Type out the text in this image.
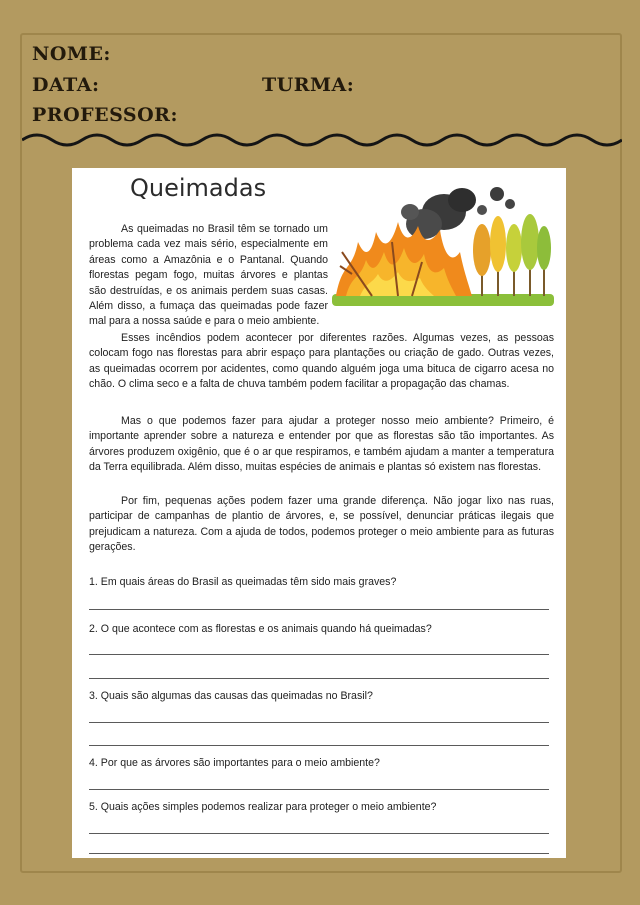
NOME:
DATA:	TURMA:
PROFESSOR:
Queimadas
As queimadas no Brasil têm se tornado um problema cada vez mais sério, especialmente em áreas como a Amazônia e o Pantanal. Quando florestas pegam fogo, muitas árvores e plantas são destruídas, e os animais perdem suas casas. Além disso, a fumaça das queimadas pode fazer mal para a nossa saúde e para o meio ambiente.

Esses incêndios podem acontecer por diferentes razões. Algumas vezes, as pessoas colocam fogo nas florestas para abrir espaço para plantações ou criação de gado. Outras vezes, as queimadas ocorrem por acidentes, como quando alguém joga uma bituca de cigarro acesa no chão. O clima seco e a falta de chuva também podem facilitar a propagação das chamas.

Mas o que podemos fazer para ajudar a proteger nosso meio ambiente? Primeiro, é importante aprender sobre a natureza e entender por que as florestas são tão importantes. As árvores produzem oxigênio, que é o ar que respiramos, e também ajudam a manter a temperatura da Terra equilibrada. Além disso, muitas espécies de animais e plantas só existem nas florestas.

Por fim, pequenas ações podem fazer uma grande diferença. Não jogar lixo nas ruas, participar de campanhas de plantio de árvores, e, se possível, denunciar práticas ilegais que prejudicam a natureza. Com a ajuda de todos, podemos proteger o meio ambiente para as futuras gerações.

1. Em quais áreas do Brasil as queimadas têm sido mais graves?
2. O que acontece com as florestas e os animais quando há queimadas?
3. Quais são algumas das causas das queimadas no Brasil?
4. Por que as árvores são importantes para o meio ambiente?
5. Quais ações simples podemos realizar para proteger o meio ambiente?
